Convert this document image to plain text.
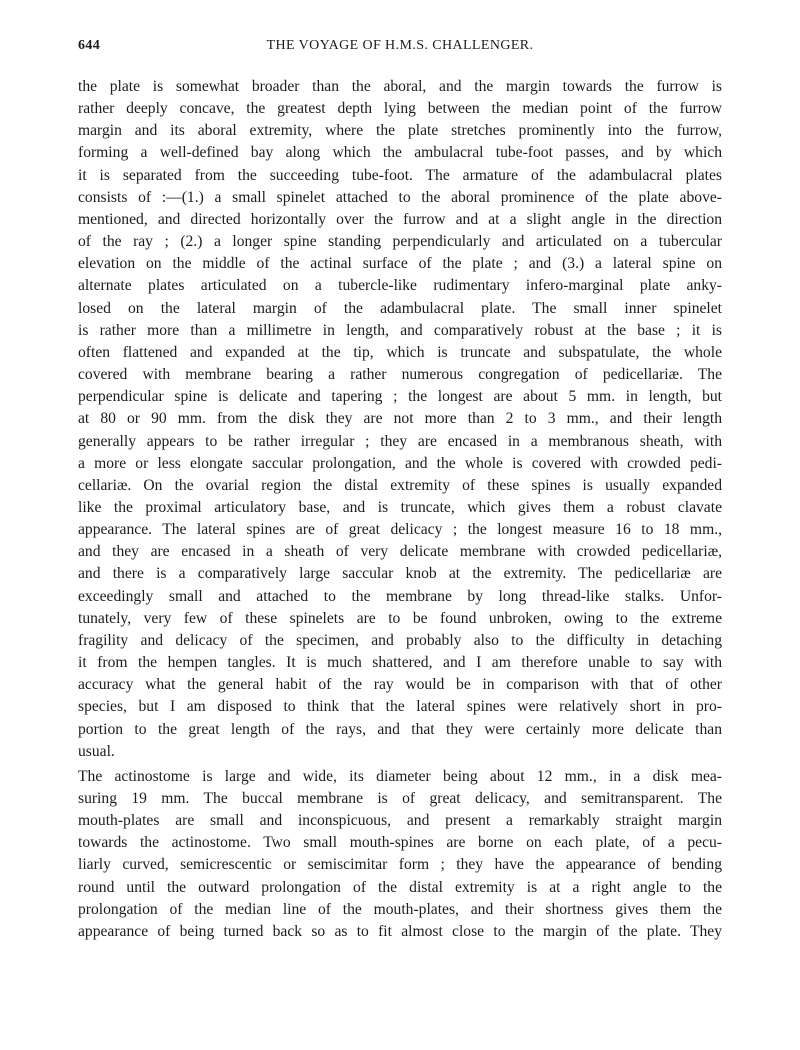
644	THE VOYAGE OF H.M.S. CHALLENGER.

the plate is somewhat broader than the aboral, and the margin towards the furrow is
rather deeply concave, the greatest depth lying between the median point of the furrow
margin and its aboral extremity, where the plate stretches prominently into the furrow,
forming a well-defined bay along which the ambulacral tube-foot passes, and by which
it is separated from the succeeding tube-foot. The armature of the adambulacral plates
consists of :—(1.) a small spinelet attached to the aboral prominence of the plate above-
mentioned, and directed horizontally over the furrow and at a slight angle in the direction
of the ray ; (2.) a longer spine standing perpendicularly and articulated on a tubercular
elevation on the middle of the actinal surface of the plate ; and (3.) a lateral spine on
alternate plates articulated on a tubercle-like rudimentary infero-marginal plate anky-
losed on the lateral margin of the adambulacral plate. The small inner spinelet
is rather more than a millimetre in length, and comparatively robust at the base ; it is
often flattened and expanded at the tip, which is truncate and subspatulate, the whole
covered with membrane bearing a rather numerous congregation of pedicellariæ. The
perpendicular spine is delicate and tapering ; the longest are about 5 mm. in length, but
at 80 or 90 mm. from the disk they are not more than 2 to 3 mm., and their length
generally appears to be rather irregular ; they are encased in a membranous sheath, with
a more or less elongate saccular prolongation, and the whole is covered with crowded pedi-
cellariæ. On the ovarial region the distal extremity of these spines is usually expanded
like the proximal articulatory base, and is truncate, which gives them a robust clavate
appearance. The lateral spines are of great delicacy ; the longest measure 16 to 18 mm.,
and they are encased in a sheath of very delicate membrane with crowded pedicellariæ,
and there is a comparatively large saccular knob at the extremity. The pedicellariæ are
exceedingly small and attached to the membrane by long thread-like stalks. Unfor-
tunately, very few of these spinelets are to be found unbroken, owing to the extreme
fragility and delicacy of the specimen, and probably also to the difficulty in detaching
it from the hempen tangles. It is much shattered, and I am therefore unable to say with
accuracy what the general habit of the ray would be in comparison with that of other
species, but I am disposed to think that the lateral spines were relatively short in pro-
portion to the great length of the rays, and that they were certainly more delicate than
usual.

The actinostome is large and wide, its diameter being about 12 mm., in a disk mea-
suring 19 mm. The buccal membrane is of great delicacy, and semitransparent. The
mouth-plates are small and inconspicuous, and present a remarkably straight margin
towards the actinostome. Two small mouth-spines are borne on each plate, of a pecu-
liarly curved, semicrescentic or semiscimitar form ; they have the appearance of bending
round until the outward prolongation of the distal extremity is at a right angle to the
prolongation of the median line of the mouth-plates, and their shortness gives them the
appearance of being turned back so as to fit almost close to the margin of the plate. They
